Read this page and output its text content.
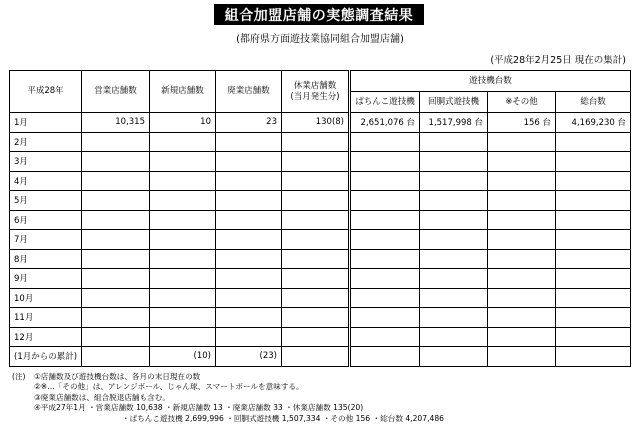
組合加盟店舗の実態調査結果
(都府県方面遊技業協同組合加盟店舗)
(平成28年2月25日 現在の集計)
平成28年	営業店舗数	新規店舗数	廃業店舗数	休業店舗数
(当月発生分)	遊技機台数			
					ぱちんこ遊技機	回胴式遊技機	※その他	総台数
1月	10,315	10	23	130(8)	2,651,076 台	1,517,998 台	156 台	4,169,230 台
2月								
3月								
4月								
5月								
6月								
7月								
8月								
9月								
10月								
11月								
12月								
(1月からの累計)		(10)	(23)					
(注)	①店舗数及び遊技機台数は、各月の末日現在の数
②※…「その他」は、アレンジボール、じゃん球、スマートボールを意味する。
③廃業店舗数は、組合脱退店舗も含む。
④平成27年1月 ・営業店舗数 10,638 ・新規店舗数 13 ・廃業店舗数 33 ・休業店舗数 135(20)
・ぱちんこ遊技機 2,699,996 ・回胴式遊技機 1,507,334 ・その他 156 ・総台数 4,207,486
